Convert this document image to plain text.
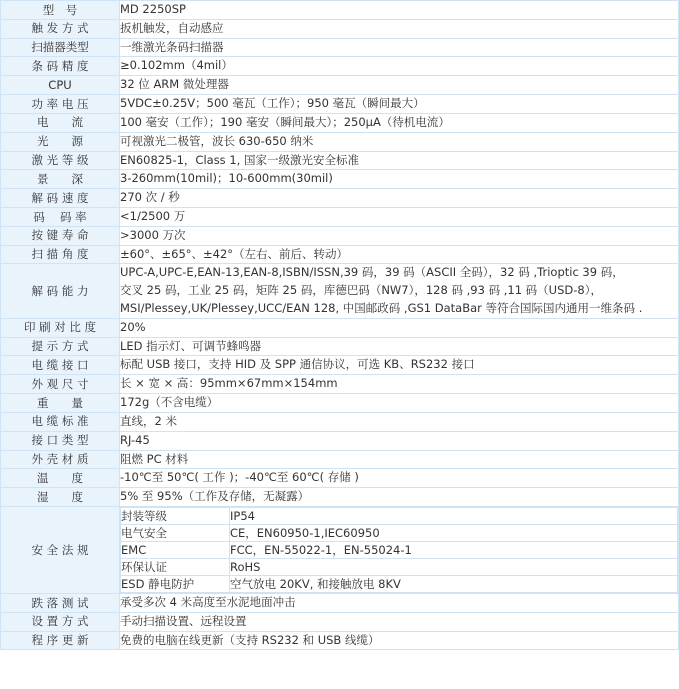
型　号	MD 2250SP

触 发 方 式	扳机触发，自动感应

扫描器类型	一维激光条码扫描器

条 码 精 度	≥0.102mm（4mil）

CPU	32 位 ARM 微处理器

功 率 电 压	5VDC±0.25V；500 毫瓦（工作）；950 毫瓦（瞬间最大）

电　　流	100 毫安（工作）；190 毫安（瞬间最大）；250μA（待机电流）

光　　源	可视激光二极管，波长 630-650 纳米

激 光 等 级	EN60825-1，Class 1, 国家一级激光安全标准

景　　深	3-260mm(10mil)；10-600mm(30mil)

解 码 速 度	270 次 / 秒

码 　码 率	<1/2500 万

按 键 寿 命	>3000 万次

扫 描 角 度	±60°、±65°、±42°（左右、前后、转动）

解 码 能 力	
UPC-A,UPC-E,EAN-13,EAN-8,ISBN/ISSN,39 码，39 码（ASCII 全码），32 码 ,Trioptic 39 码，
交叉 25 码，工业 25 码，矩阵 25 码，库德巴码（NW7），128 码 ,93 码 ,11 码（USD-8），
MSI/Plessey,UK/Plessey,UCC/EAN 128, 中国邮政码 ,GS1 DataBar 等符合国际国内通用一维条码 .

印 刷 对 比 度	20%

提 示 方 式	LED 指示灯、可调节蜂鸣器

电 缆 接 口	标配 USB 接口，支持 HID 及 SPP 通信协议，可选 KB、RS232 接口

外 观 尺 寸	长 × 宽 × 高：95mm×67mm×154mm

重　　量	172g（不含电缆）

电 缆 标 准	直线，2 米

接 口 类 型	RJ-45

外 壳 材 质	阻燃 PC 材料

温　　度	-10℃至 50℃( 工作 )；-40℃至 60℃( 存储 )

湿　　度	5% 至 95%（工作及存储，无凝露）

安 全 法 规	
封装等级	IP54
电气安全	CE，EN60950-1,IEC60950
EMC	FCC，EN-55022-1，EN-55024-1
环保认证	RoHS
ESD 静电防护	空气放电 20KV, 和接触放电 8KV

跌 落 测 试	承受多次 4 米高度至水泥地面冲击

设 置 方 式	手动扫描设置、远程设置

程 序 更 新	免费的电脑在线更新（支持 RS232 和 USB 线缆）
